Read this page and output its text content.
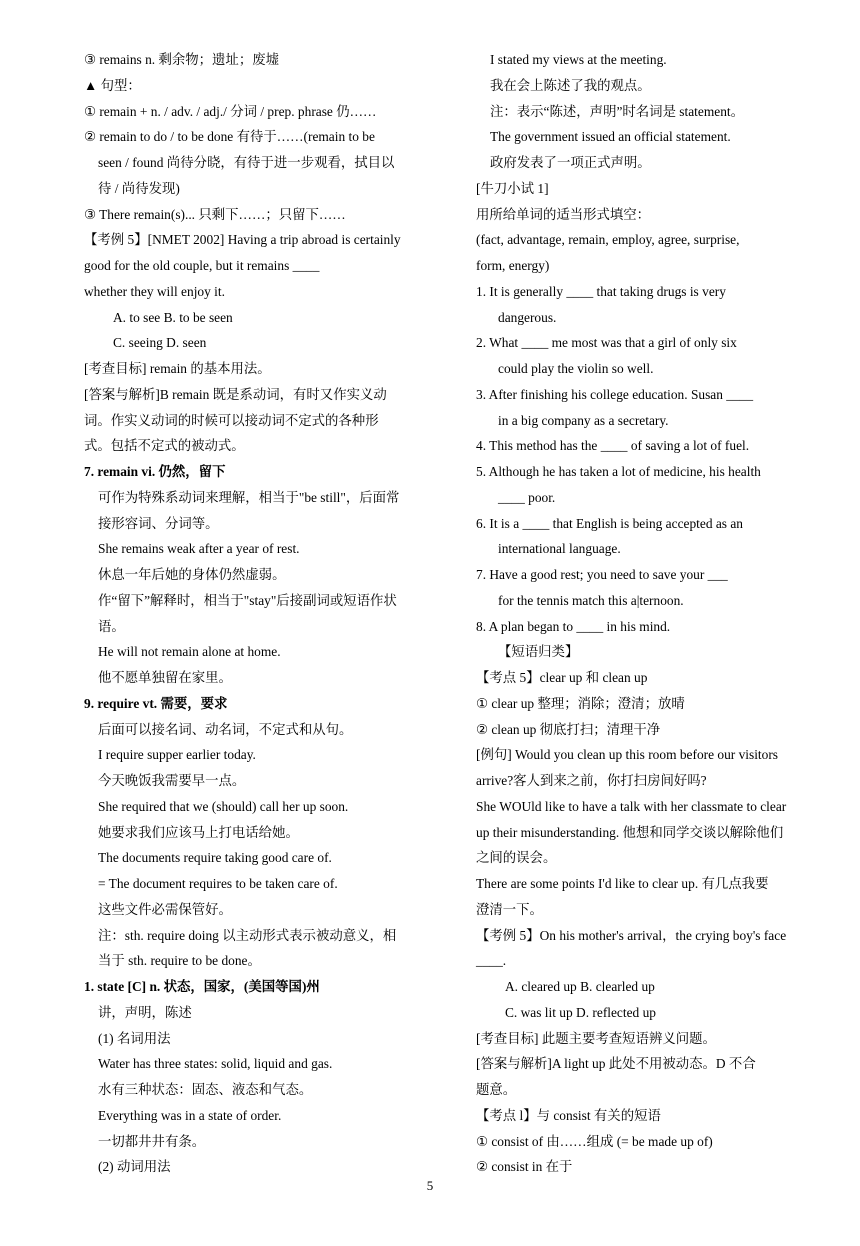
③ remains n. 剩余物；遗址；废墟
▲ 句型：
① remain + n. / adv. / adj./ 分词 / prep. phrase 仍……
② remain to do / to be done 有待于……(remain to be
seen / found 尚待分晓，有待于进一步观看，拭目以
待 / 尚待发现)
③ There remain(s)... 只剩下……；只留下……
【考例 5】[NMET 2002] Having a trip abroad is certainly
good for the old couple, but it remains ____
whether they will enjoy it.
A. to see B. to be seen
C. seeing D. seen
[考查目标] remain 的基本用法。
[答案与解析]B remain 既是系动词，有时又作实义动
词。作实义动词的时候可以接动词不定式的各种形
式。包括不定式的被动式。
7. remain vi. 仍然，留下
可作为特殊系动词来理解，相当于"be still"，后面常
接形容词、分词等。
She remains weak after a year of rest.
休息一年后她的身体仍然虚弱。
作“留下”解释时，相当于"stay"后接副词或短语作状
语。
He will not remain alone at home.
他不愿单独留在家里。
9. require vt. 需要，要求
后面可以接名词、动名词，不定式和从句。
I require supper earlier today.
今天晚饭我需要早一点。
She required that we (should) call her up soon.
她要求我们应该马上打电话给她。
The documents require taking good care of.
= The document requires to be taken care of.
这些文件必需保管好。
注：sth. require doing 以主动形式表示被动意义，相
当于 sth. require to be done。
1. state [C] n. 状态，国家，(美国等国)州
讲，声明，陈述
(1) 名词用法
Water has three states: solid, liquid and gas.
水有三种状态：固态、液态和气态。
Everything was in a state of order.
一切都井井有条。
(2) 动词用法
I stated my views at the meeting.
我在会上陈述了我的观点。
注：表示“陈述，声明”时名词是 statement。
The government issued an official statement.
政府发表了一项正式声明。
[牛刀小试 1]
用所给单词的适当形式填空：
(fact, advantage, remain, employ, agree, surprise,
form, energy)
1. It is generally ____ that taking drugs is very
dangerous.
2. What ____ me most was that a girl of only six
could play the violin so well.
3. After finishing his college education. Susan ____
in a big company as a secretary.
4. This method has the ____ of saving a lot of fuel.
5. Although he has taken a lot of medicine, his health
____ poor.
6. It is a ____ that English is being accepted as an
international language.
7. Have a good rest; you need to save your ___
for the tennis match this a|ternoon.
8. A plan began to ____ in his mind.
【短语归类】
【考点 5】clear up 和 clean up
① clear up 整理；消除；澄清；放晴
② clean up 彻底打扫；清理干净
[例句] Would you clean up this room before our visitors
arrive?客人到来之前，你打扫房间好吗?
She WOUld like to have a talk with her classmate to clear
up their misunderstanding. 他想和同学交谈以解除他们
之间的误会。
There are some points I'd like to clear up. 有几点我要
澄清一下。
【考例 5】On his mother's arrival，the crying boy's face
____.
A. cleared up B. clearled up
C. was lit up D. reflected up
[考查目标] 此题主要考查短语辨义问题。
[答案与解析]A light up 此处不用被动态。D 不合
题意。
【考点 l】与 consist 有关的短语
① consist of 由……组成 (= be made up of)
② consist in 在于
5
